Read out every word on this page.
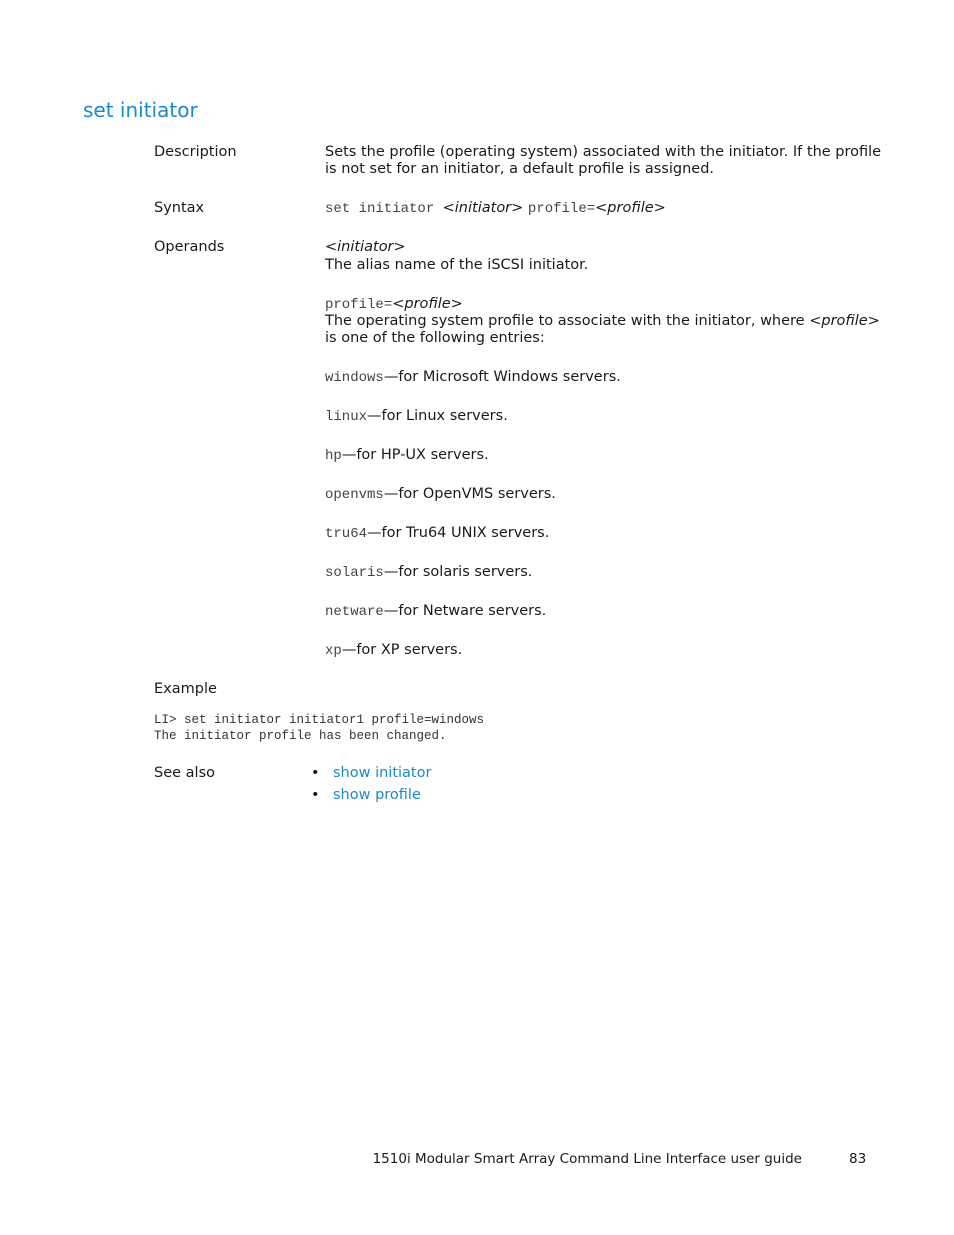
set initiator
Description	Sets the profile (operating system) associated with the initiator. If the profile
is not set for an initiator, a default profile is assigned.
Syntax	set initiator <initiator> profile=<profile>
Operands	<initiator>
The alias name of the iSCSI initiator.
profile=<profile>
The operating system profile to associate with the initiator, where <profile>
is one of the following entries:
windows—for Microsoft Windows servers.
linux—for Linux servers.
hp—for HP-UX servers.
openvms—for OpenVMS servers.
tru64—for Tru64 UNIX servers.
solaris—for solaris servers.
netware—for Netware servers.
xp—for XP servers.
Example
LI> set initiator initiator1 profile=windows
The initiator profile has been changed.
See also	• show initiator
• show profile
1510i Modular Smart Array Command Line Interface user guide	83
